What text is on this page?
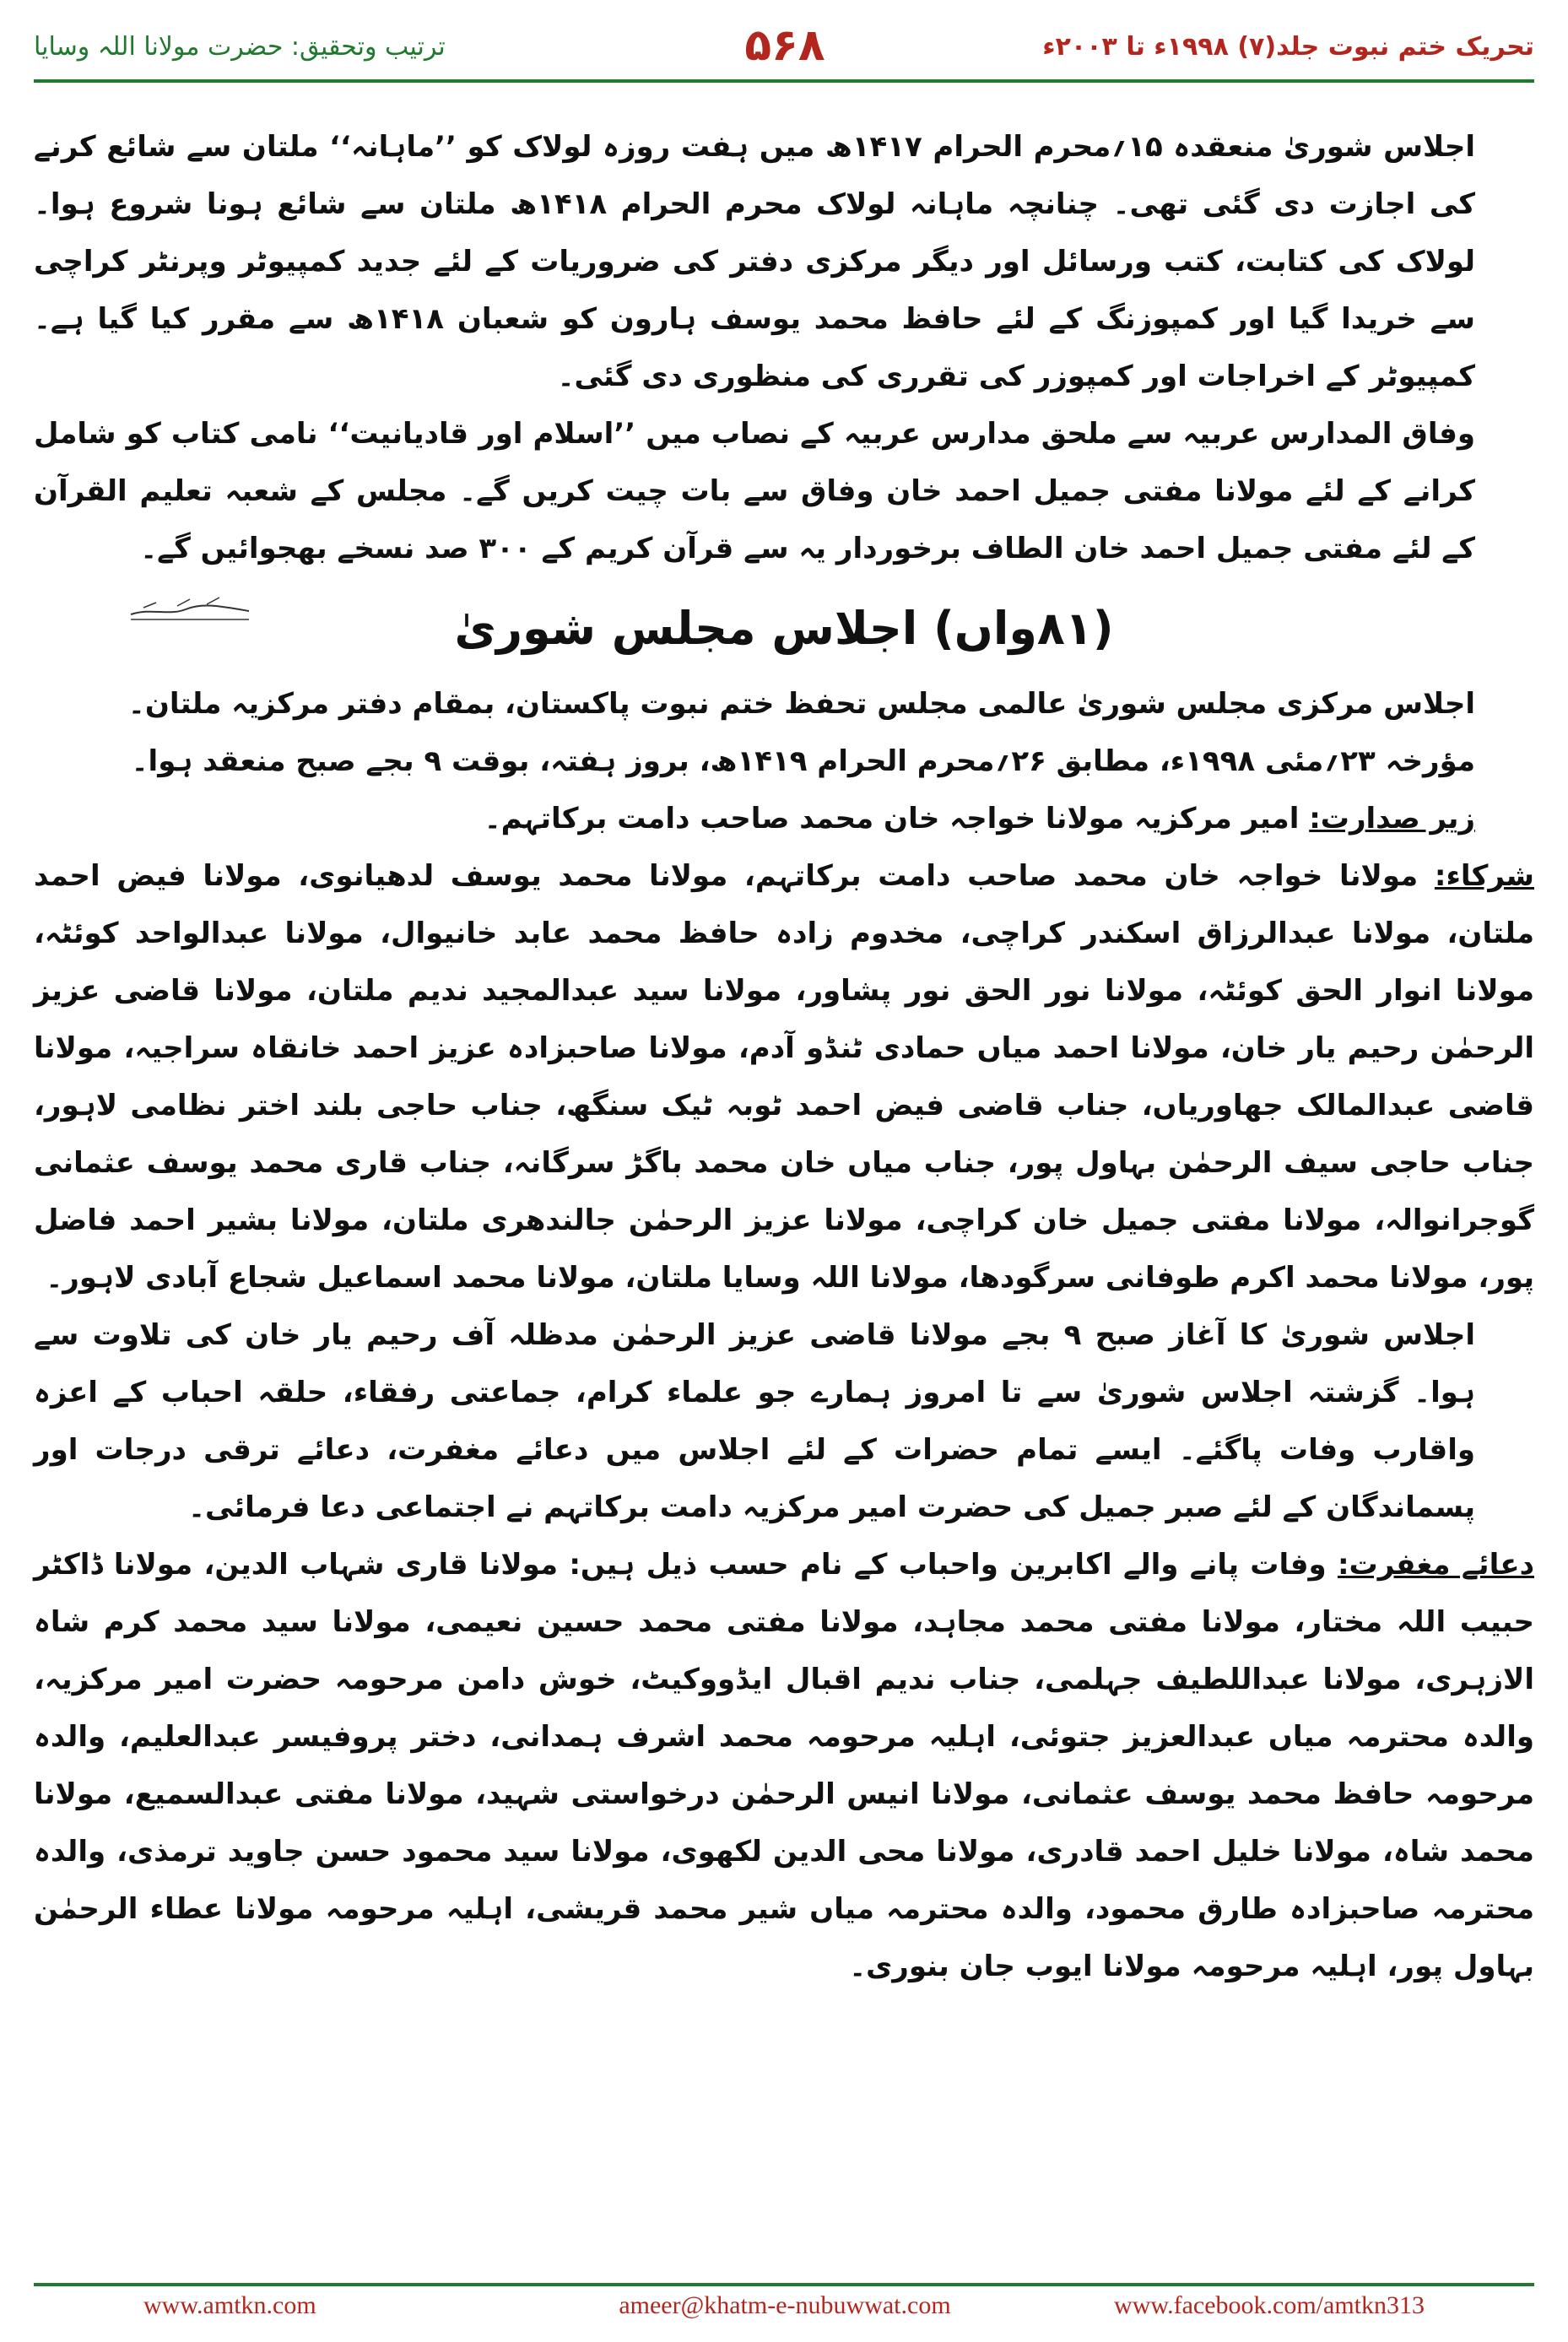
ترتیب وتحقیق: حضرت مولانا اللہ وسایا	۵۶۸	تحریک ختم نبوت جلد(۷) ۱۹۹۸ء تا ۲۰۰۳ء

اجلاس شوریٰ منعقدہ ۱۵؍محرم الحرام ۱۴۱۷ھ میں ہفت روزہ لولاک کو ’’ماہانہ‘‘ ملتان سے شائع کرنے کی اجازت دی گئی تھی۔ چنانچہ ماہانہ لولاک محرم الحرام ۱۴۱۸ھ ملتان سے شائع ہونا شروع ہوا۔ لولاک کی کتابت، کتب ورسائل اور دیگر مرکزی دفتر کی ضروریات کے لئے جدید کمپیوٹر وپرنٹر کراچی سے خریدا گیا اور کمپوزنگ کے لئے حافظ محمد یوسف ہارون کو شعبان ۱۴۱۸ھ سے مقرر کیا گیا ہے۔ کمپیوٹر کے اخراجات اور کمپوزر کی تقرری کی منظوری دی گئی۔

وفاق المدارس عربیہ سے ملحق مدارس عربیہ کے نصاب میں ’’اسلام اور قادیانیت‘‘ نامی کتاب کو شامل کرانے کے لئے مولانا مفتی جمیل احمد خان وفاق سے بات چیت کریں گے۔ مجلس کے شعبہ تعلیم القرآن کے لئے مفتی جمیل احمد خان الطاف برخوردار یہ سے قرآن کریم کے ۳۰۰ صد نسخے بھجوائیں گے۔

(۸۱واں) اجلاس مجلس شوریٰ

اجلاس مرکزی مجلس شوریٰ عالمی مجلس تحفظ ختم نبوت پاکستان، بمقام دفتر مرکزیہ ملتان۔

مؤرخہ ۲۳؍مئی ۱۹۹۸ء، مطابق ۲۶؍محرم الحرام ۱۴۱۹ھ، بروز ہفتہ، بوقت ۹ بجے صبح منعقد ہوا۔

زیر صدارت: امیر مرکزیہ مولانا خواجہ خان محمد صاحب دامت برکاتہم۔

شرکاء: مولانا خواجہ خان محمد صاحب دامت برکاتہم، مولانا محمد یوسف لدھیانوی، مولانا فیض احمد ملتان، مولانا عبدالرزاق اسکندر کراچی، مخدوم زادہ حافظ محمد عابد خانیوال، مولانا عبدالواحد کوئٹہ، مولانا انوار الحق کوئٹہ، مولانا نور الحق نور پشاور، مولانا سید عبدالمجید ندیم ملتان، مولانا قاضی عزیز الرحمٰن رحیم یار خان، مولانا احمد میاں حمادی ٹنڈو آدم، مولانا صاحبزادہ عزیز احمد خانقاہ سراجیہ، مولانا قاضی عبدالمالک جھاوریاں، جناب قاضی فیض احمد ٹوبہ ٹیک سنگھ، جناب حاجی بلند اختر نظامی لاہور، جناب حاجی سیف الرحمٰن بہاول پور، جناب میاں خان محمد باگڑ سرگانہ، جناب قاری محمد یوسف عثمانی گوجرانوالہ، مولانا مفتی جمیل خان کراچی، مولانا عزیز الرحمٰن جالندھری ملتان، مولانا بشیر احمد فاضل پور، مولانا محمد اکرم طوفانی سرگودھا، مولانا اللہ وسایا ملتان، مولانا محمد اسماعیل شجاع آبادی لاہور۔

اجلاس شوریٰ کا آغاز صبح ۹ بجے مولانا قاضی عزیز الرحمٰن مدظلہ آف رحیم یار خان کی تلاوت سے ہوا۔ گزشتہ اجلاس شوریٰ سے تا امروز ہمارے جو علماء کرام، جماعتی رفقاء، حلقہ احباب کے اعزہ واقارب وفات پاگئے۔ ایسے تمام حضرات کے لئے اجلاس میں دعائے مغفرت، دعائے ترقی درجات اور پسماندگان کے لئے صبر جمیل کی حضرت امیر مرکزیہ دامت برکاتہم نے اجتماعی دعا فرمائی۔

دعائے مغفرت: وفات پانے والے اکابرین واحباب کے نام حسب ذیل ہیں: مولانا قاری شہاب الدین، مولانا ڈاکٹر حبیب اللہ مختار، مولانا مفتی محمد مجاہد، مولانا مفتی محمد حسین نعیمی، مولانا سید محمد کرم شاہ الازہری، مولانا عبداللطیف جہلمی، جناب ندیم اقبال ایڈووکیٹ، خوش دامن مرحومہ حضرت امیر مرکزیہ، والدہ محترمہ میاں عبدالعزیز جتوئی، اہلیہ مرحومہ محمد اشرف ہمدانی، دختر پروفیسر عبدالعلیم، والدہ مرحومہ حافظ محمد یوسف عثمانی، مولانا انیس الرحمٰن درخواستی شہید، مولانا مفتی عبدالسمیع، مولانا محمد شاہ، مولانا خلیل احمد قادری، مولانا محی الدین لکھوی، مولانا سید محمود حسن جاوید ترمذی، والدہ محترمہ صاحبزادہ طارق محمود، والدہ محترمہ میاں شیر محمد قریشی، اہلیہ مرحومہ مولانا عطاء الرحمٰن بہاول پور، اہلیہ مرحومہ مولانا ایوب جان بنوری۔

www.amtkn.com	ameer@khatm-e-nubuwwat.com	www.facebook.com/amtkn313
